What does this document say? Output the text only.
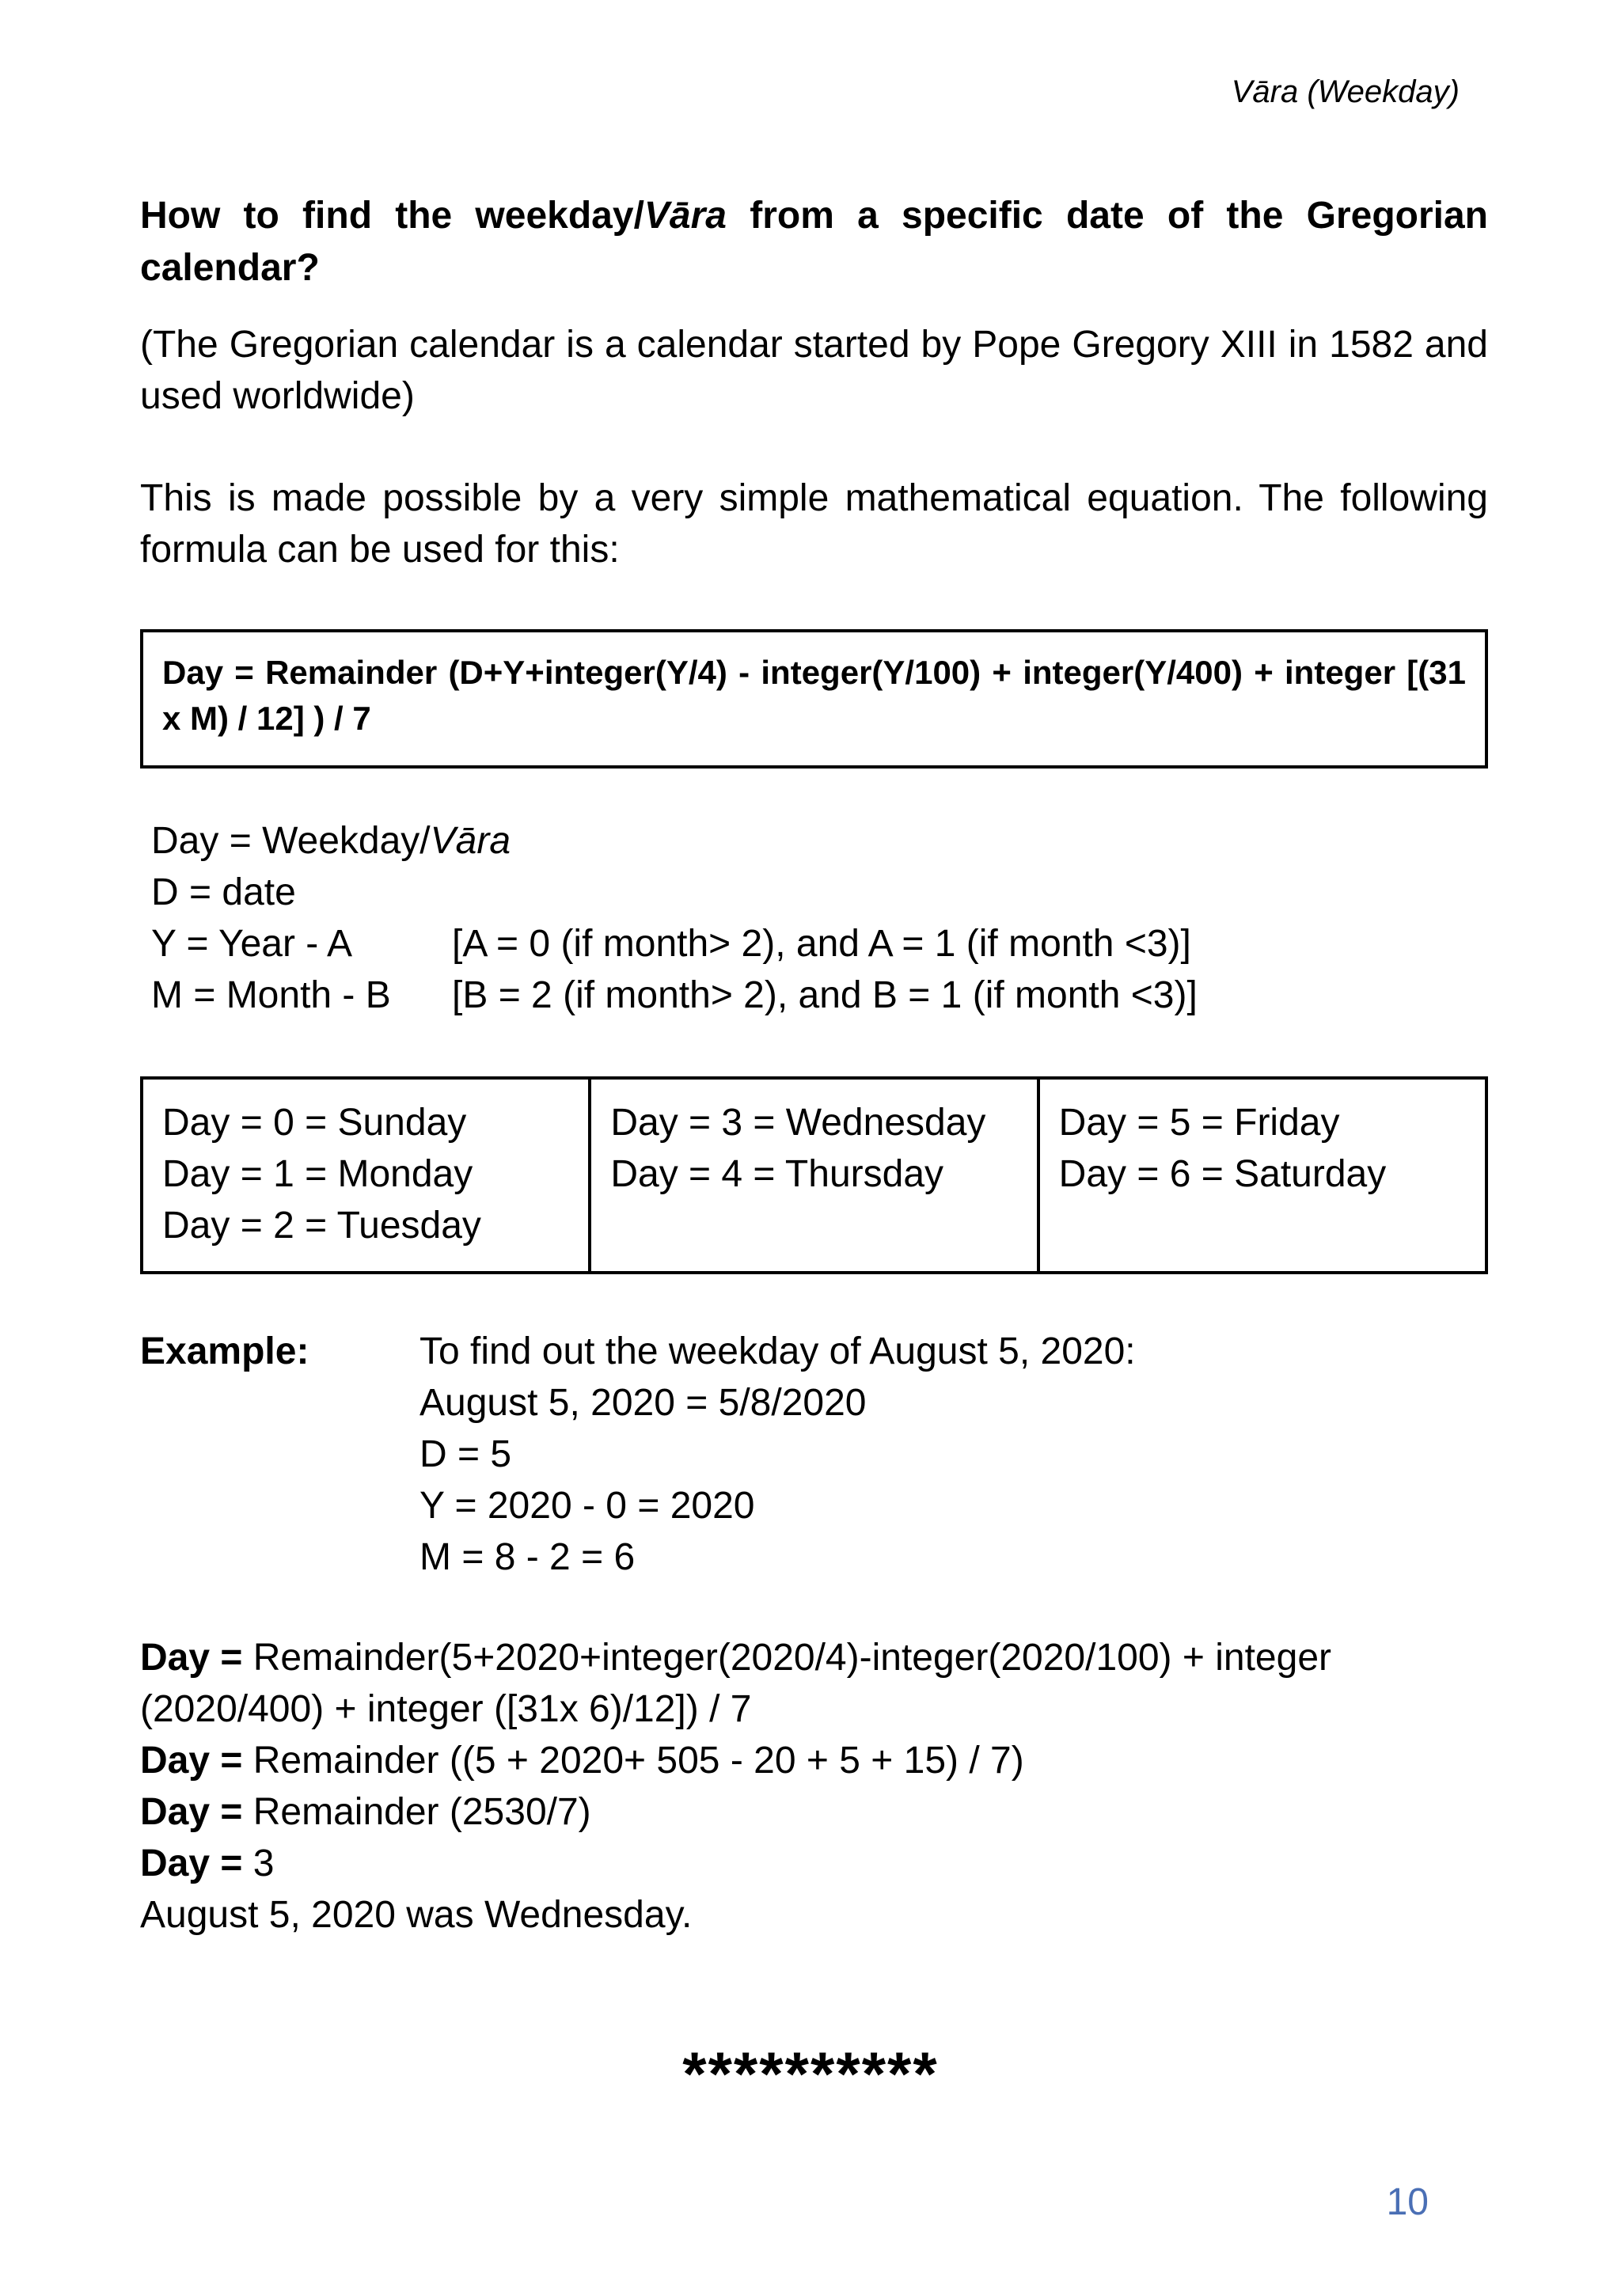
Vāra (Weekday)

How to find the weekday/Vāra from a specific date of the Gregorian calendar?

(The Gregorian calendar is a calendar started by Pope Gregory XIII in 1582 and used worldwide)

This is made possible by a very simple mathematical equation. The following formula can be used for this:

Day = Remainder (D+Y+integer(Y/4) - integer(Y/100) + integer(Y/400) + integer [(31 x M) / 12] ) / 7

Day = Weekday/ Vāra
D = date
Y = Year - A	[A = 0 (if month> 2), and A = 1 (if month <3)]
M = Month - B	[B = 2 (if month> 2), and B = 1 (if month <3)]
Day = 0 = Sunday
Day = 1 = Monday
Day = 2 = Tuesday
Day = 3 = Wednesday
Day = 4 = Thursday
Day = 5 = Friday
Day = 6 = Saturday
Example:	To find out the weekday of August 5, 2020:
August 5, 2020 = 5/8/2020
D = 5
Y = 2020 - 0 = 2020
M = 8 - 2 = 6
Day = Remainder(5+2020+integer(2020/4)-integer(2020/100) + integer
(2020/400) + integer ([31x 6)/12]) / 7
Day = Remainder ((5 + 2020+ 505 - 20 + 5 + 15) / 7)
Day = Remainder (2530/7)
Day = 3
August 5, 2020 was Wednesday.
**********
10
